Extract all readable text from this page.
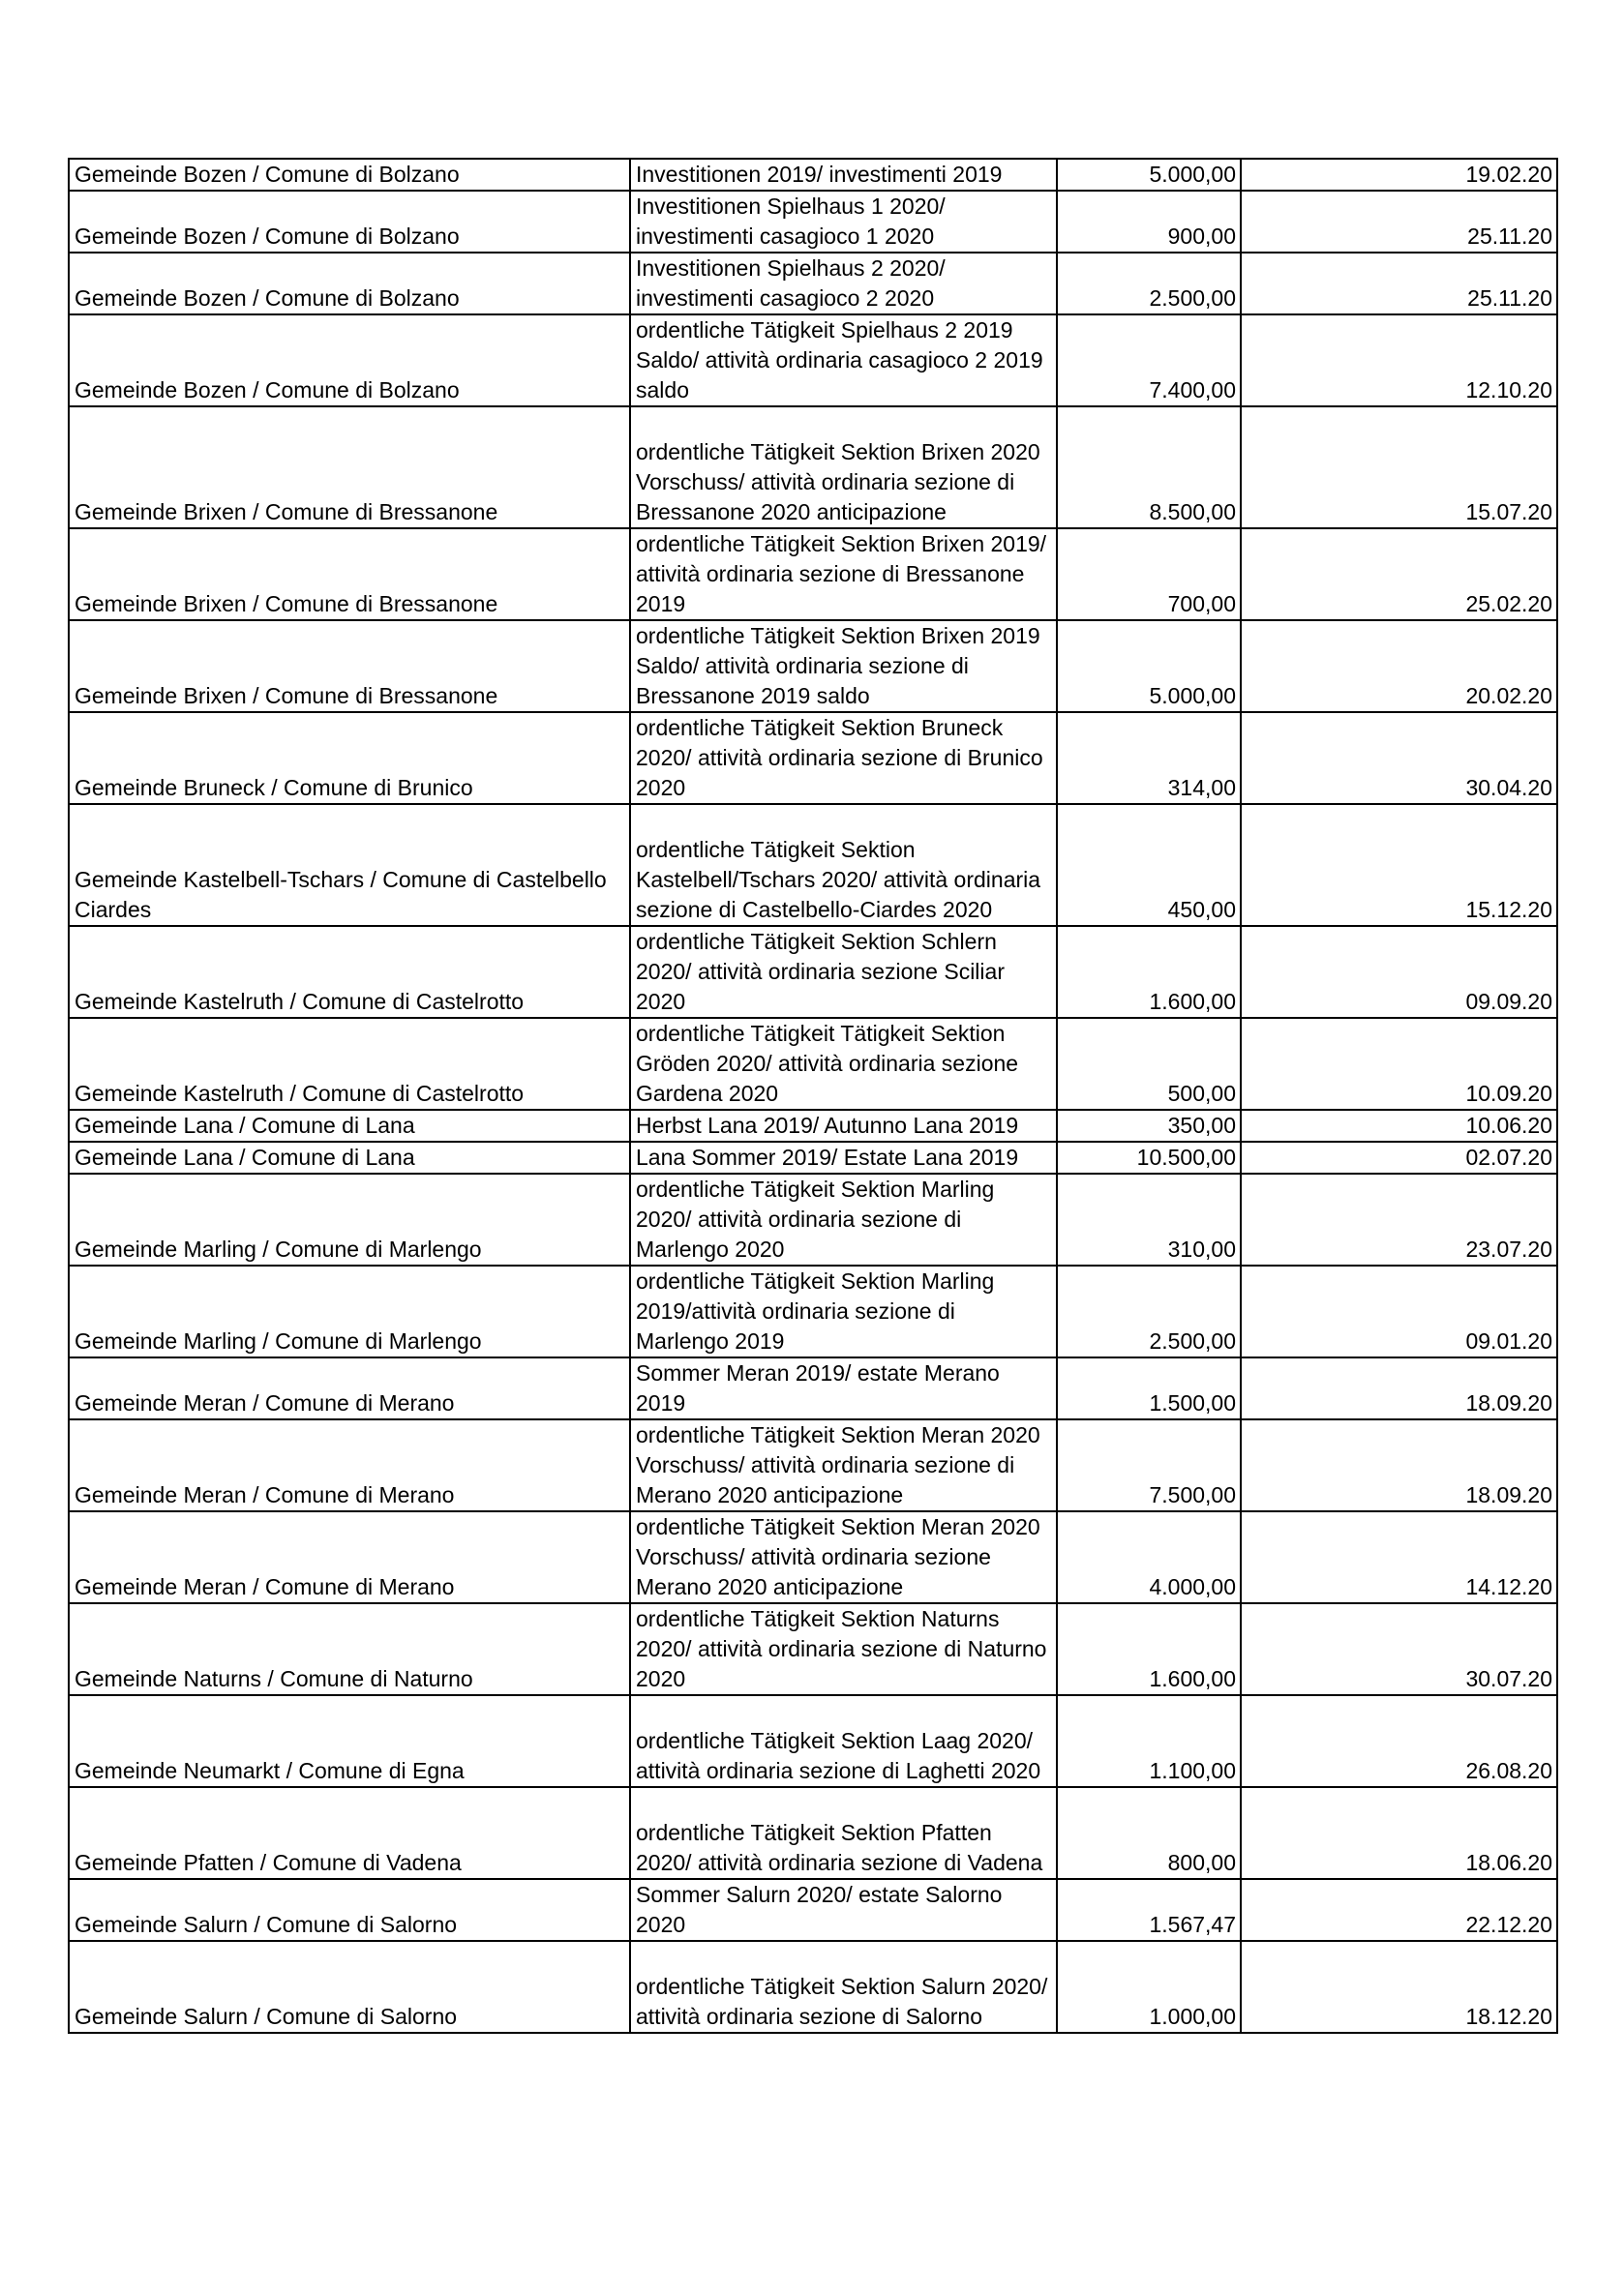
Gemeinde Bozen / Comune di Bolzano	Investitionen 2019/ investimenti 2019	5.000,00	19.02.20
Gemeinde Bozen / Comune di Bolzano	Investitionen Spielhaus 1 2020/ investimenti casagioco 1 2020	900,00	25.11.20
Gemeinde Bozen / Comune di Bolzano	Investitionen Spielhaus 2 2020/ investimenti casagioco 2 2020	2.500,00	25.11.20
Gemeinde Bozen / Comune di Bolzano	ordentliche Tätigkeit Spielhaus 2 2019 Saldo/ attività ordinaria casagioco 2 2019 saldo	7.400,00	12.10.20
Gemeinde Brixen / Comune di Bressanone	ordentliche Tätigkeit Sektion Brixen 2020 Vorschuss/ attività ordinaria sezione di Bressanone 2020 anticipazione	8.500,00	15.07.20
Gemeinde Brixen / Comune di Bressanone	ordentliche Tätigkeit Sektion Brixen 2019/ attività ordinaria sezione di Bressanone 2019	700,00	25.02.20
Gemeinde Brixen / Comune di Bressanone	ordentliche Tätigkeit Sektion Brixen 2019 Saldo/ attività ordinaria sezione di Bressanone 2019 saldo	5.000,00	20.02.20
Gemeinde Bruneck / Comune di Brunico	ordentliche Tätigkeit Sektion Bruneck 2020/ attività ordinaria sezione di Brunico 2020	314,00	30.04.20
Gemeinde Kastelbell-Tschars / Comune di Castelbello Ciardes	ordentliche Tätigkeit Sektion Kastelbell/Tschars 2020/ attività ordinaria sezione di Castelbello-Ciardes 2020	450,00	15.12.20
Gemeinde Kastelruth / Comune di Castelrotto	ordentliche Tätigkeit Sektion Schlern 2020/ attività ordinaria sezione Sciliar 2020	1.600,00	09.09.20
Gemeinde Kastelruth / Comune di Castelrotto	ordentliche Tätigkeit Tätigkeit Sektion Gröden 2020/ attività ordinaria sezione Gardena 2020	500,00	10.09.20
Gemeinde Lana / Comune di Lana	Herbst Lana 2019/ Autunno Lana 2019	350,00	10.06.20
Gemeinde Lana / Comune di Lana	Lana Sommer 2019/ Estate Lana 2019	10.500,00	02.07.20
Gemeinde Marling / Comune di Marlengo	ordentliche Tätigkeit Sektion Marling 2020/ attività ordinaria sezione di Marlengo 2020	310,00	23.07.20
Gemeinde Marling / Comune di Marlengo	ordentliche Tätigkeit Sektion Marling 2019/attività ordinaria sezione di Marlengo 2019	2.500,00	09.01.20
Gemeinde Meran / Comune di Merano	Sommer Meran 2019/ estate Merano 2019	1.500,00	18.09.20
Gemeinde Meran / Comune di Merano	ordentliche Tätigkeit Sektion Meran 2020 Vorschuss/ attività ordinaria sezione di Merano 2020 anticipazione	7.500,00	18.09.20
Gemeinde Meran / Comune di Merano	ordentliche Tätigkeit Sektion Meran 2020 Vorschuss/ attività ordinaria sezione Merano 2020 anticipazione	4.000,00	14.12.20
Gemeinde Naturns / Comune di Naturno	ordentliche Tätigkeit Sektion Naturns 2020/ attività ordinaria sezione di Naturno 2020	1.600,00	30.07.20
Gemeinde Neumarkt / Comune di Egna	ordentliche Tätigkeit Sektion Laag 2020/ attività ordinaria sezione di Laghetti 2020	1.100,00	26.08.20
Gemeinde Pfatten / Comune di Vadena	ordentliche Tätigkeit Sektion Pfatten 2020/ attività ordinaria sezione di Vadena	800,00	18.06.20
Gemeinde Salurn / Comune di Salorno	Sommer Salurn 2020/ estate Salorno 2020	1.567,47	22.12.20
Gemeinde Salurn / Comune di Salorno	ordentliche Tätigkeit Sektion Salurn 2020/ attività ordinaria sezione di Salorno	1.000,00	18.12.20
